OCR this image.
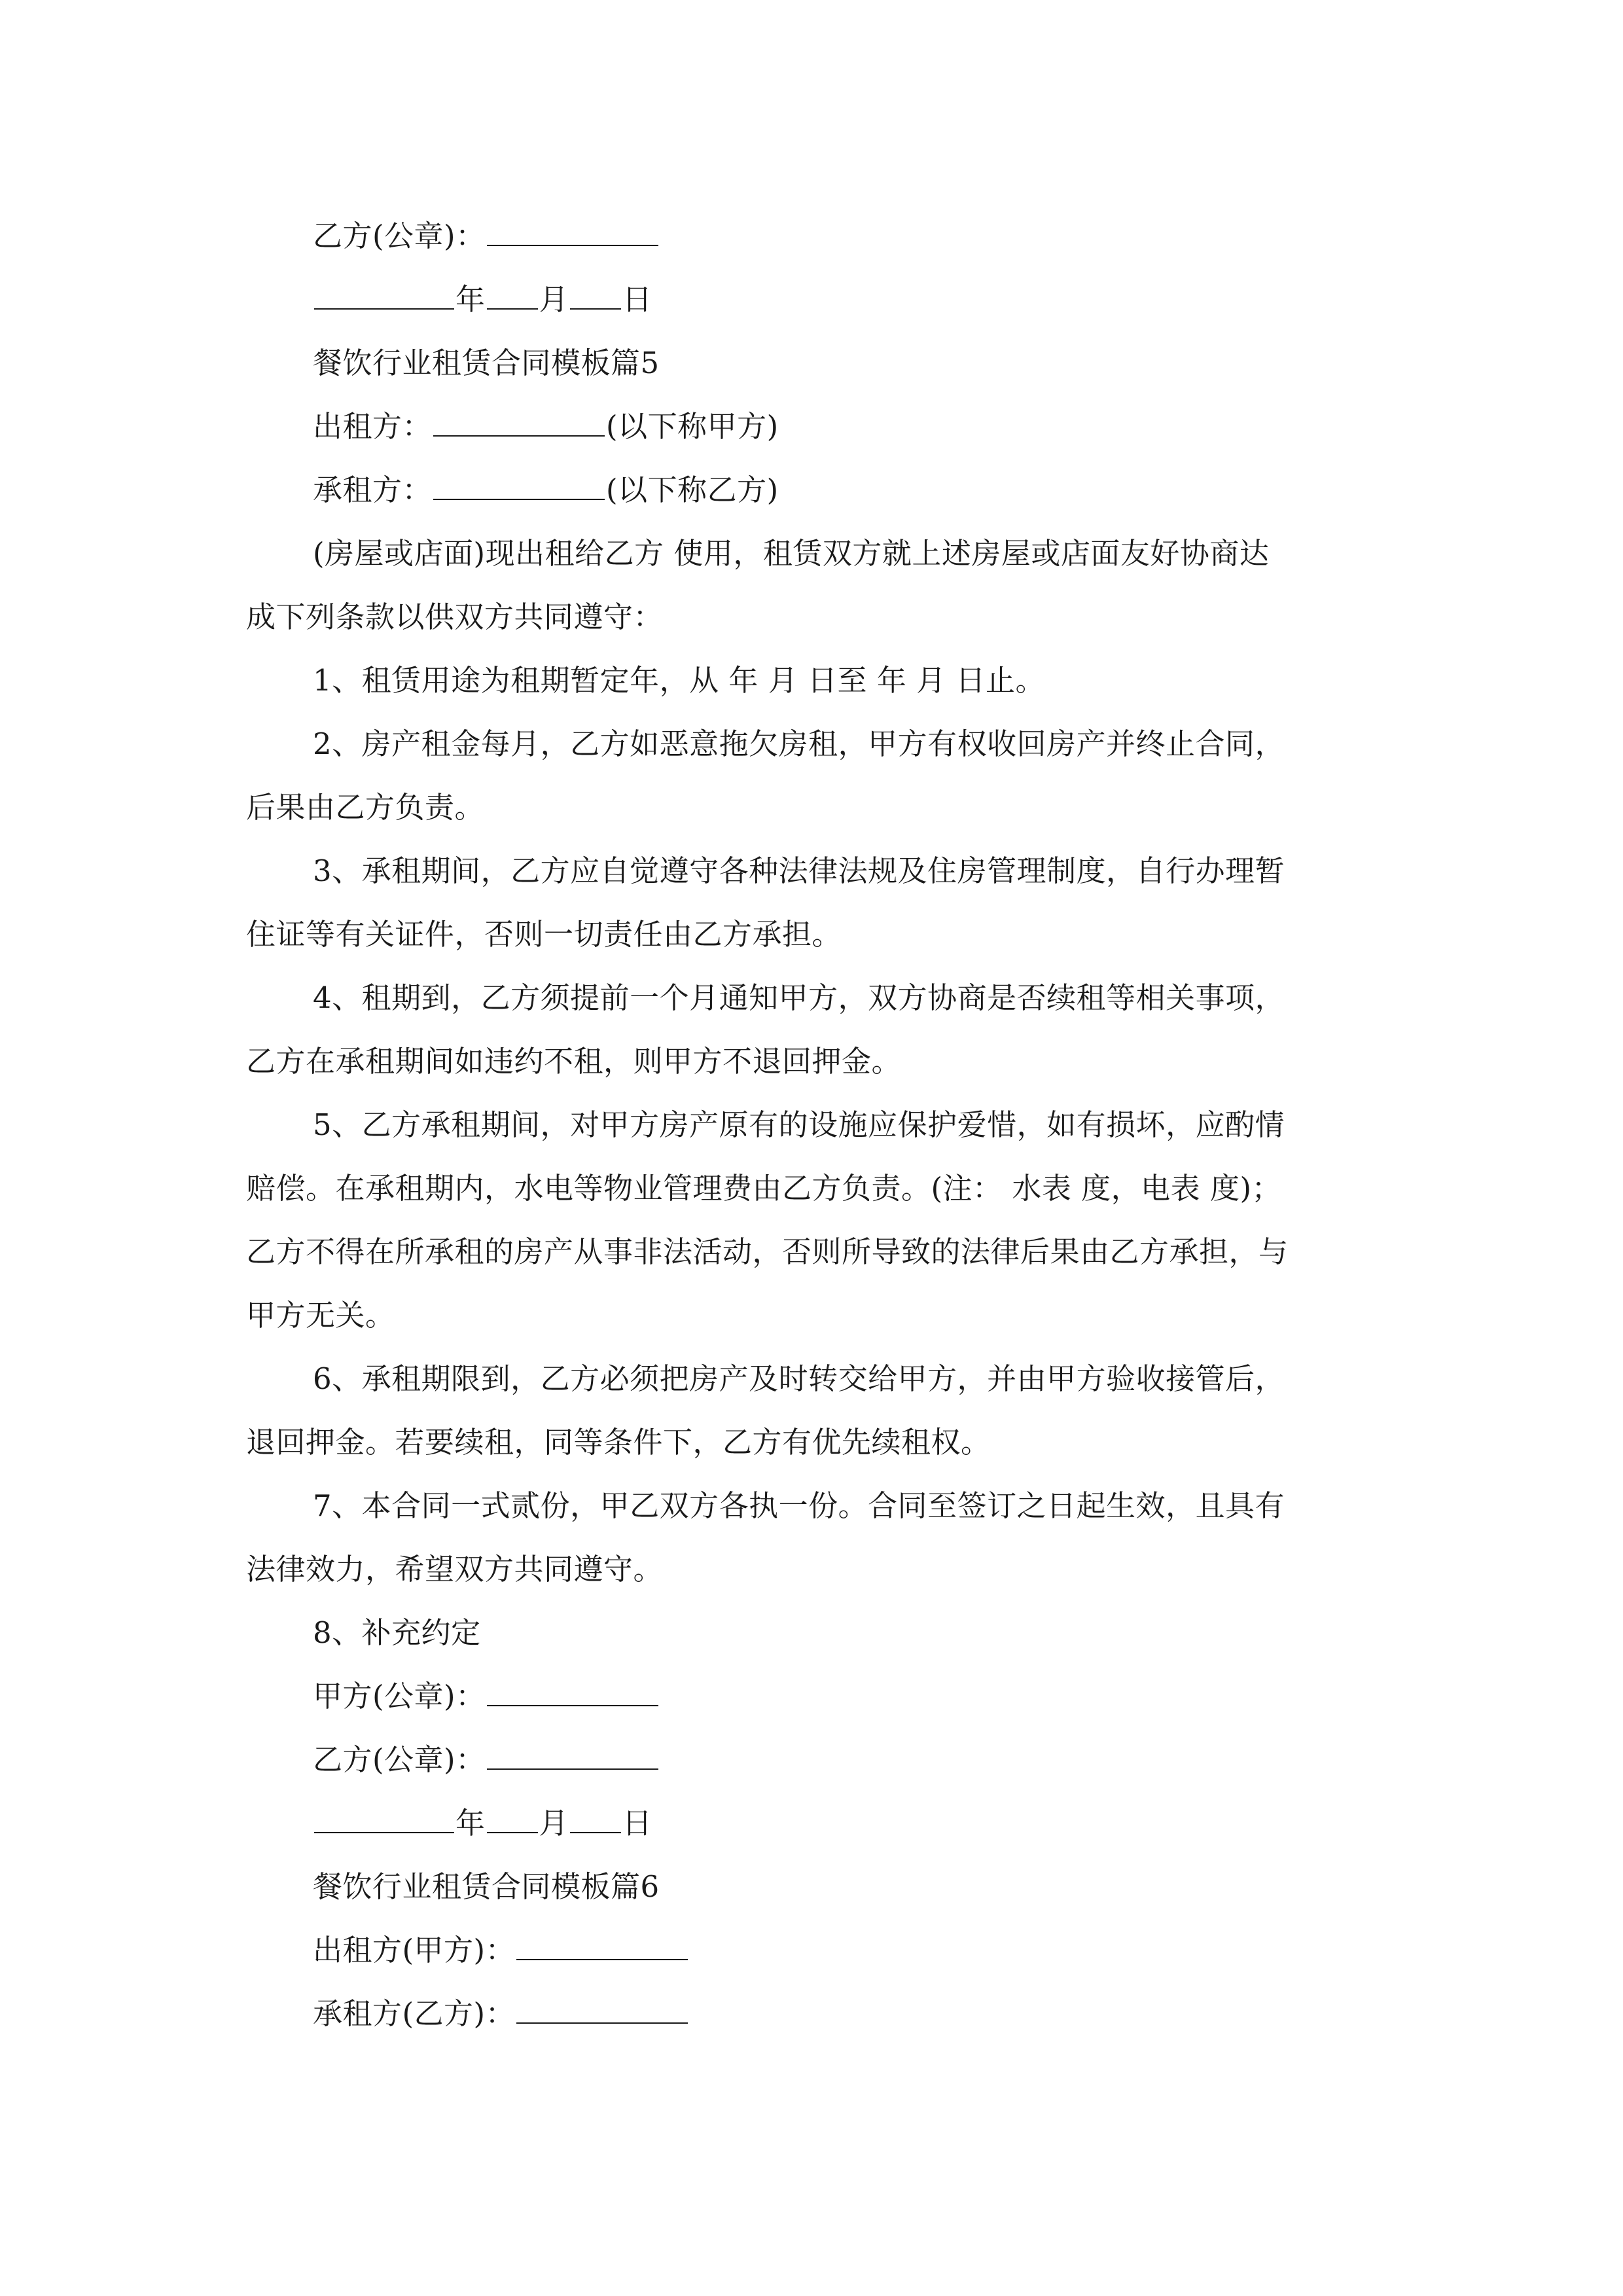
乙方(公章)：
年 月 日
餐饮行业租赁合同模板篇5
出租方：	(以下称甲方)
承租方：	(以下称乙方)
(房屋或店面)现出租给乙方 使用，租赁双方就上述房屋或店面友好协商达
成下列条款以供双方共同遵守：
1、租赁用途为租期暂定年，从 年 月 日至 年 月 日止。
2、房产租金每月，乙方如恶意拖欠房租，甲方有权收回房产并终止合同，
后果由乙方负责。
3、承租期间，乙方应自觉遵守各种法律法规及住房管理制度，自行办理暂
住证等有关证件，否则一切责任由乙方承担。
4、租期到，乙方须提前一个月通知甲方，双方协商是否续租等相关事项，
乙方在承租期间如违约不租，则甲方不退回押金。
5、乙方承租期间，对甲方房产原有的设施应保护爱惜，如有损坏，应酌情
赔偿。在承租期内，水电等物业管理费由乙方负责。(注： 水表 度，电表 度)；
乙方不得在所承租的房产从事非法活动，否则所导致的法律后果由乙方承担，与
甲方无关。
6、承租期限到，乙方必须把房产及时转交给甲方，并由甲方验收接管后，
退回押金。若要续租，同等条件下，乙方有优先续租权。
7、本合同一式贰份，甲乙双方各执一份。合同至签订之日起生效，且具有
法律效力，希望双方共同遵守。
8、补充约定
甲方(公章)：
乙方(公章)：
年 月 日
餐饮行业租赁合同模板篇6
出租方(甲方)：
承租方(乙方)：
